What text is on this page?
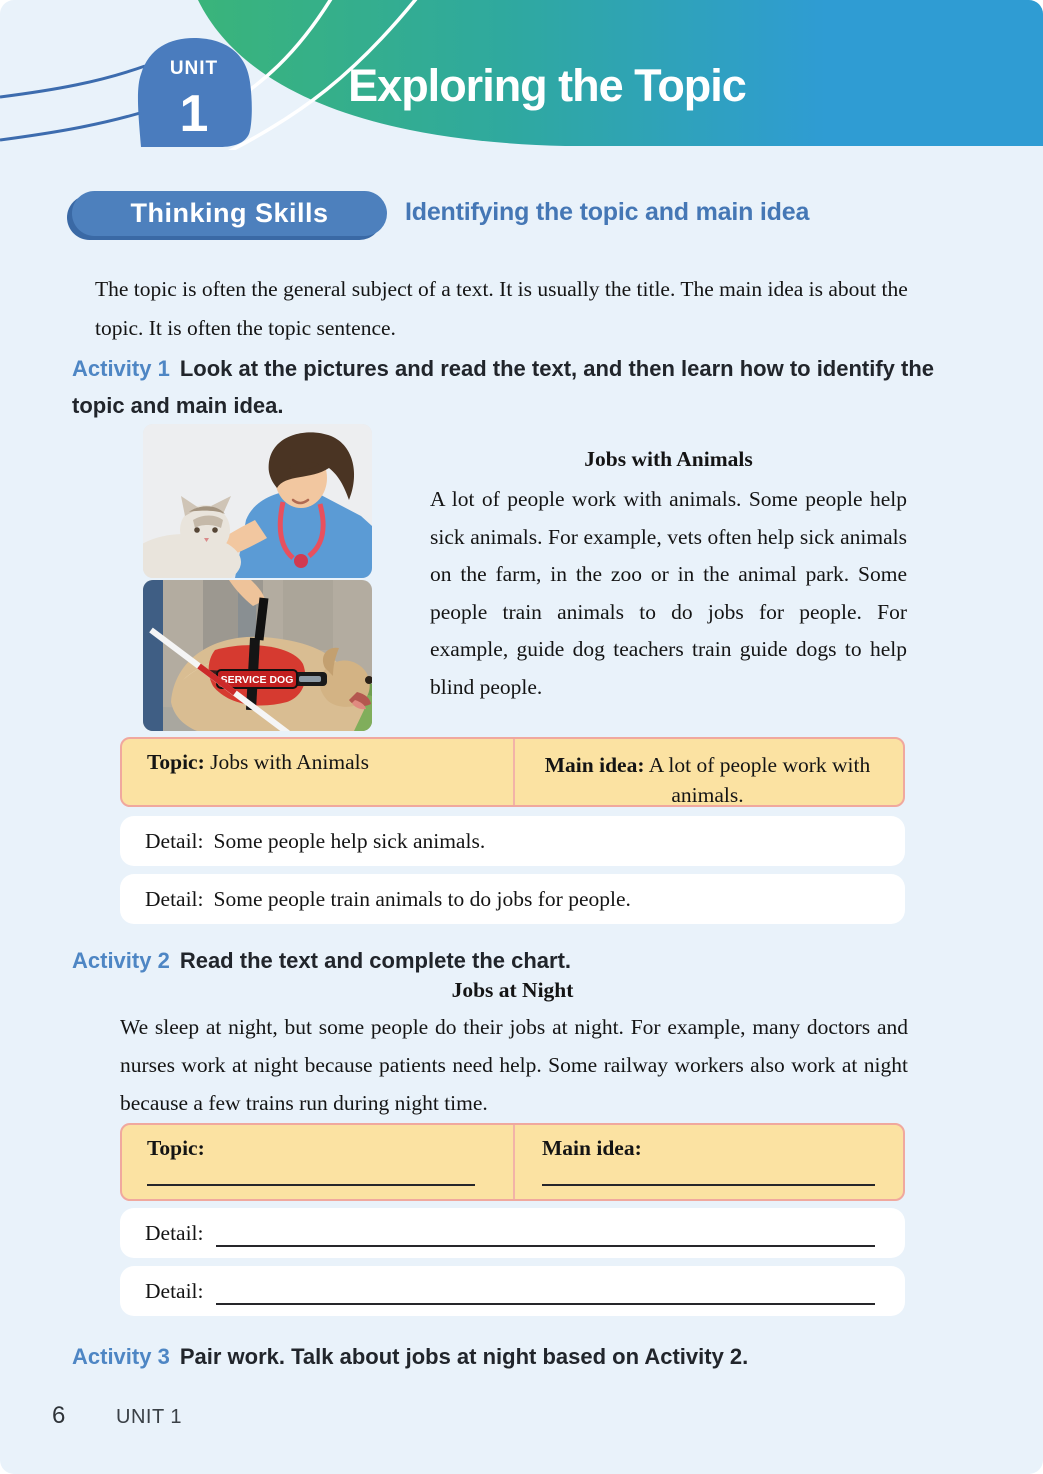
UNIT
1	Exploring the Topic
Thinking Skills	Identifying the topic and main idea
The topic is often the general subject of a text. It is usually the title. The main idea is about the topic. It is often the topic sentence.
Activity 1 Look at the pictures and read the text, and then learn how to identify the topic and main idea.
SERVICE DOG
Jobs with Animals
A lot of people work with animals. Some people help sick animals. For example, vets often help sick animals on the farm, in the zoo or in the animal park. Some people train animals to do jobs for people. For example, guide dog teachers train guide dogs to help blind people.
Topic: Jobs with Animals	Main idea: A lot of people work with animals.
Detail: Some people help sick animals.
Detail: Some people train animals to do jobs for people.
Activity 2 Read the text and complete the chart.
Jobs at Night
We sleep at night, but some people do their jobs at night. For example, many doctors and nurses work at night because patients need help. Some railway workers also work at night because a few trains run during night time.
Topic:	Main idea:
Detail:
Detail:
Activity 3 Pair work. Talk about jobs at night based on Activity 2.
6	UNIT 1
